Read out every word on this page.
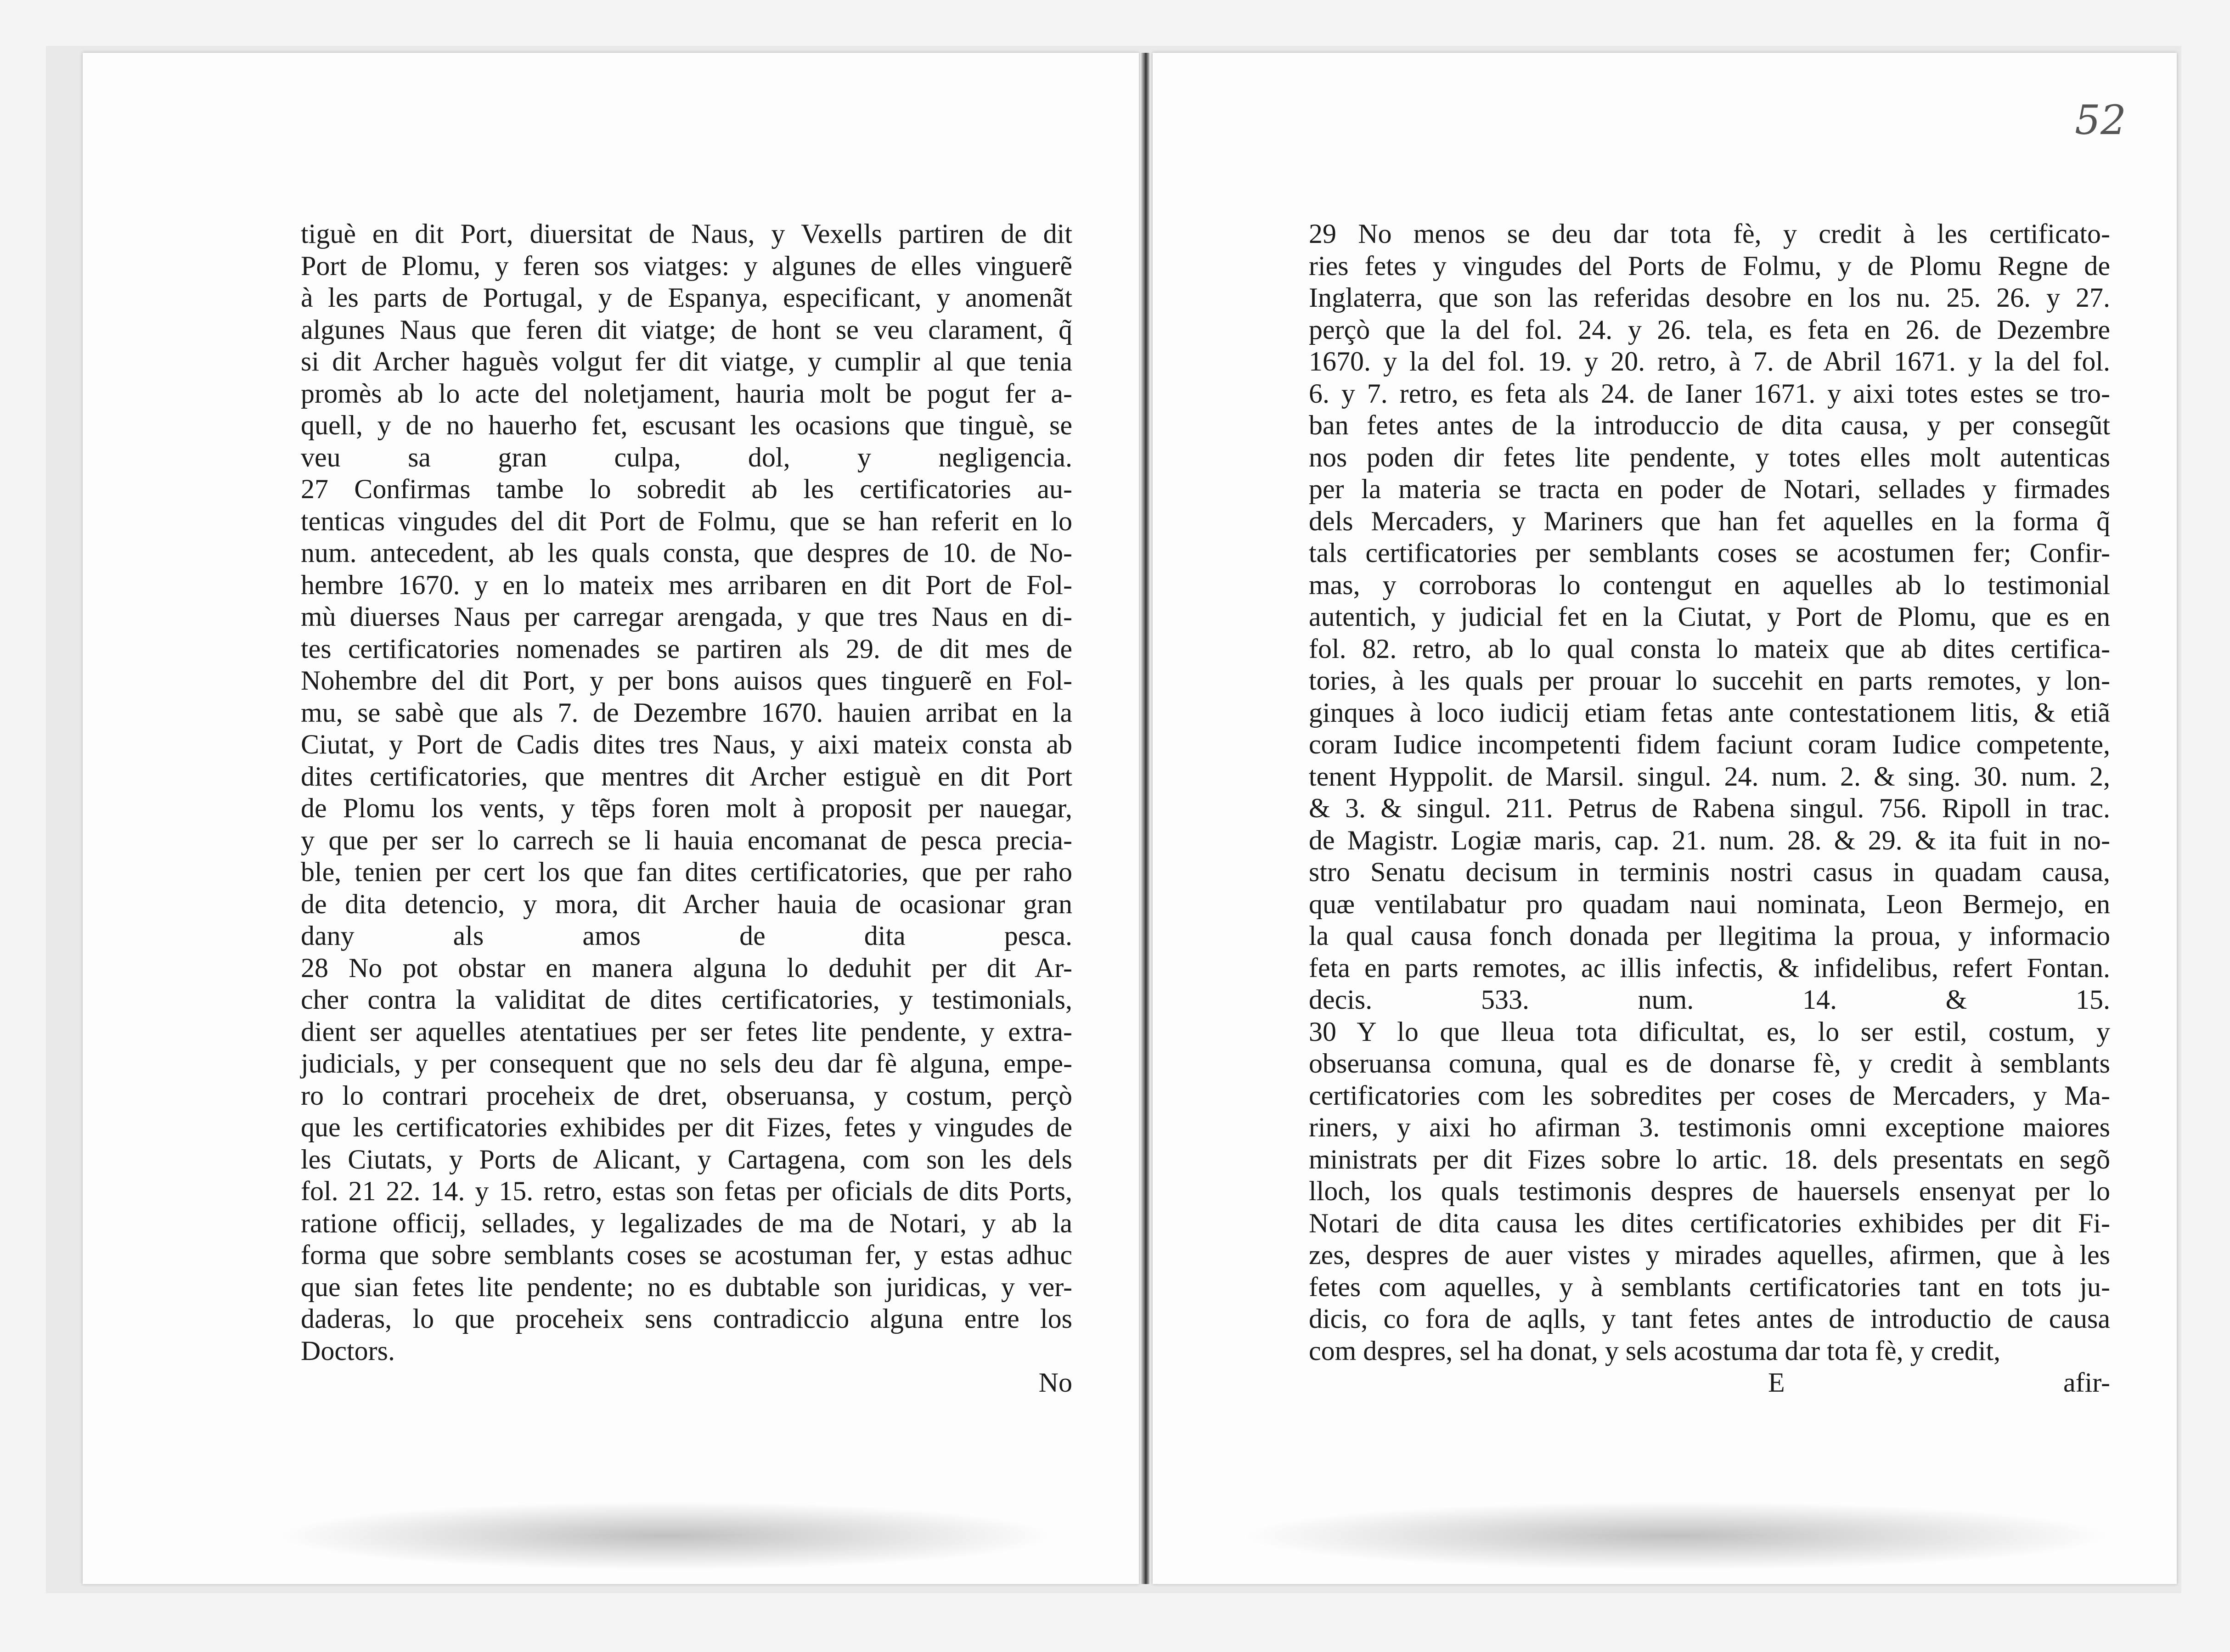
tiguè en dit Port, diuersitat de Naus, y Vexells partiren de dit
Port de Plomu, y feren sos viatges: y algunes de elles vinguerẽ
à les parts de Portugal, y de Espanya, especificant, y anomenãt
algunes Naus que feren dit viatge; de hont se veu clarament, q̃
si dit Archer haguès volgut fer dit viatge, y cumplir al que tenia
promès ab lo acte del noletjament, hauria molt be pogut fer a-
quell, y de no hauerho fet, escusant les ocasions que tinguè, se
veu sa gran culpa, dol, y negligencia.
27 Confirmas tambe lo sobredit ab les certificatories au-
tenticas vingudes del dit Port de Folmu, que se han referit en lo
num. antecedent, ab les quals consta, que despres de 10. de No-
hembre 1670. y en lo mateix mes arribaren en dit Port de Fol-
mù diuerses Naus per carregar arengada, y que tres Naus en di-
tes certificatories nomenades se partiren als 29. de dit mes de
Nohembre del dit Port, y per bons auisos ques tinguerẽ en Fol-
mu, se sabè que als 7. de Dezembre 1670. hauien arribat en la
Ciutat, y Port de Cadis dites tres Naus, y aixi mateix consta ab
dites certificatories, que mentres dit Archer estiguè en dit Port
de Plomu los vents, y tẽps foren molt à proposit per nauegar,
y que per ser lo carrech se li hauia encomanat de pesca precia-
ble, tenien per cert los que fan dites certificatories, que per raho
de dita detencio, y mora, dit Archer hauia de ocasionar gran
dany als amos de dita pesca.
28 No pot obstar en manera alguna lo deduhit per dit Ar-
cher contra la validitat de dites certificatories, y testimonials,
dient ser aquelles atentatiues per ser fetes lite pendente, y extra-
judicials, y per consequent que no sels deu dar fè alguna, empe-
ro lo contrari proceheix de dret, obseruansa, y costum, perçò
que les certificatories exhibides per dit Fizes, fetes y vingudes de
les Ciutats, y Ports de Alicant, y Cartagena, com son les dels
fol. 21 22. 14. y 15. retro, estas son fetas per oficials de dits Ports,
ratione officij, sellades, y legalizades de ma de Notari, y ab la
forma que sobre semblants coses se acostuman fer, y estas adhuc
que sian fetes lite pendente; no es dubtable son juridicas, y ver-
daderas, lo que proceheix sens contradiccio alguna entre los
Doctors.
No
52
29 No menos se deu dar tota fè, y credit à les certificato-
ries fetes y vingudes del Ports de Folmu, y de Plomu Regne de
Inglaterra, que son las referidas desobre en los nu. 25. 26. y 27.
perçò que la del fol. 24. y 26. tela, es feta en 26. de Dezembre
1670. y la del fol. 19. y 20. retro, à 7. de Abril 1671. y la del fol.
6. y 7. retro, es feta als 24. de Ianer 1671. y aixi totes estes se tro-
ban fetes antes de la introduccio de dita causa, y per consegũt
nos poden dir fetes lite pendente, y totes elles molt autenticas
per la materia se tracta en poder de Notari, sellades y firmades
dels Mercaders, y Mariners que han fet aquelles en la forma q̃
tals certificatories per semblants coses se acostumen fer; Confir-
mas, y corroboras lo contengut en aquelles ab lo testimonial
autentich, y judicial fet en la Ciutat, y Port de Plomu, que es en
fol. 82. retro, ab lo qual consta lo mateix que ab dites certifica-
tories, à les quals per prouar lo succehit en parts remotes, y lon-
ginques à loco iudicij etiam fetas ante contestationem litis, & etiã
coram Iudice incompetenti fidem faciunt coram Iudice competente,
tenent Hyppolit. de Marsil. singul. 24. num. 2. & sing. 30. num. 2,
& 3. & singul. 211. Petrus de Rabena singul. 756. Ripoll in trac.
de Magistr. Logiæ maris, cap. 21. num. 28. & 29. & ita fuit in no-
stro Senatu decisum in terminis nostri casus in quadam causa,
quæ ventilabatur pro quadam naui nominata, Leon Bermejo, en
la qual causa fonch donada per llegitima la proua, y informacio
feta en parts remotes, ac illis infectis, & infidelibus, refert Fontan.
decis. 533. num. 14. & 15.
30 Y lo que lleua tota dificultat, es, lo ser estil, costum, y
obseruansa comuna, qual es de donarse fè, y credit à semblants
certificatories com les sobredites per coses de Mercaders, y Ma-
riners, y aixi ho afirman 3. testimonis omni exceptione maiores
ministrats per dit Fizes sobre lo artic. 18. dels presentats en segõ
lloch, los quals testimonis despres de hauersels ensenyat per lo
Notari de dita causa les dites certificatories exhibides per dit Fi-
zes, despres de auer vistes y mirades aquelles, afirmen, que à les
fetes com aquelles, y à semblants certificatories tant en tots ju-
dicis, co fora de aqlls, y tant fetes antes de introductio de causa
com despres, sel ha donat, y sels acostuma dar tota fè, y credit,
E	afir-
